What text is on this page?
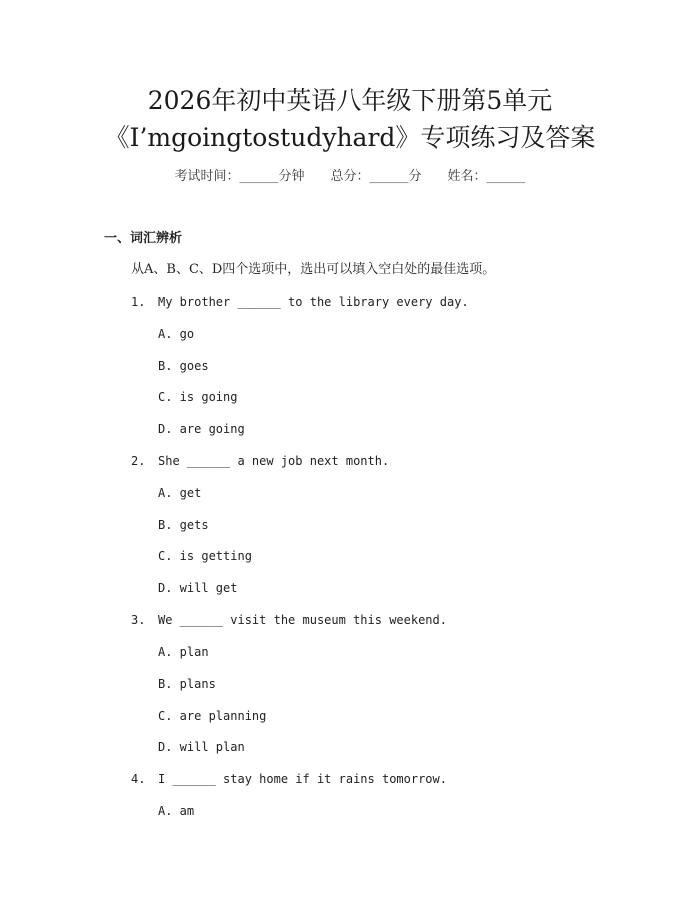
2026年初中英语八年级下册第5单元
《I’mgoingtostudyhard》专项练习及答案
考试时间：______分钟 总分：______分 姓名：______
一、词汇辨析
从A、B、C、D四个选项中，选出可以填入空白处的最佳选项。
1. My brother ______ to the library every day.
A. go
B. goes
C. is going
D. are going
2. She ______ a new job next month.
A. get
B. gets
C. is getting
D. will get
3. We ______ visit the museum this weekend.
A. plan
B. plans
C. are planning
D. will plan
4. I ______ stay home if it rains tomorrow.
A. am
